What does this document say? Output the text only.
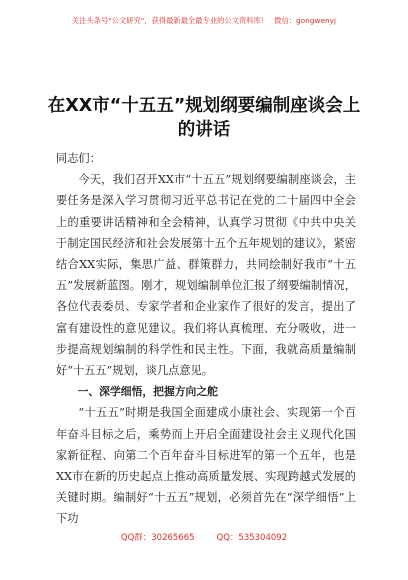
关注头条号"公文研究"，获得最新最全最专业的公文资料库！ 微信：gongwenyj
在XX市“十五五”规划纲要编制座谈会上的讲话

同志们：

今天，我们召开XX市“十五五”规划纲要编制座谈会，主要任务是深入学习贯彻习近平总书记在党的二十届四中全会上的重要讲话精神和全会精神，认真学习贯彻《中共中央关于制定国民经济和社会发展第十五个五年规划的建议》，紧密结合XX实际，集思广益、群策群力，共同绘制好我市“十五五”发展新蓝图。刚才，规划编制单位汇报了纲要编制情况，各位代表委员、专家学者和企业家作了很好的发言，提出了富有建设性的意见建议。我们将认真梳理、充分吸收，进一步提高规划编制的科学性和民主性。下面，我就高质量编制好“十五五”规划，谈几点意见。

一、深学细悟，把握方向之舵

“十五五”时期是我国全面建成小康社会、实现第一个百年奋斗目标之后，乘势而上开启全面建设社会主义现代化国家新征程、向第二个百年奋斗目标进军的第一个五年，也是XX市在新的历史起点上推动高质量发展、实现跨越式发展的关键时期。编制好“十五五”规划，必须首先在“深学细悟”上下功

QQ群：30265665	QQ：535304092
